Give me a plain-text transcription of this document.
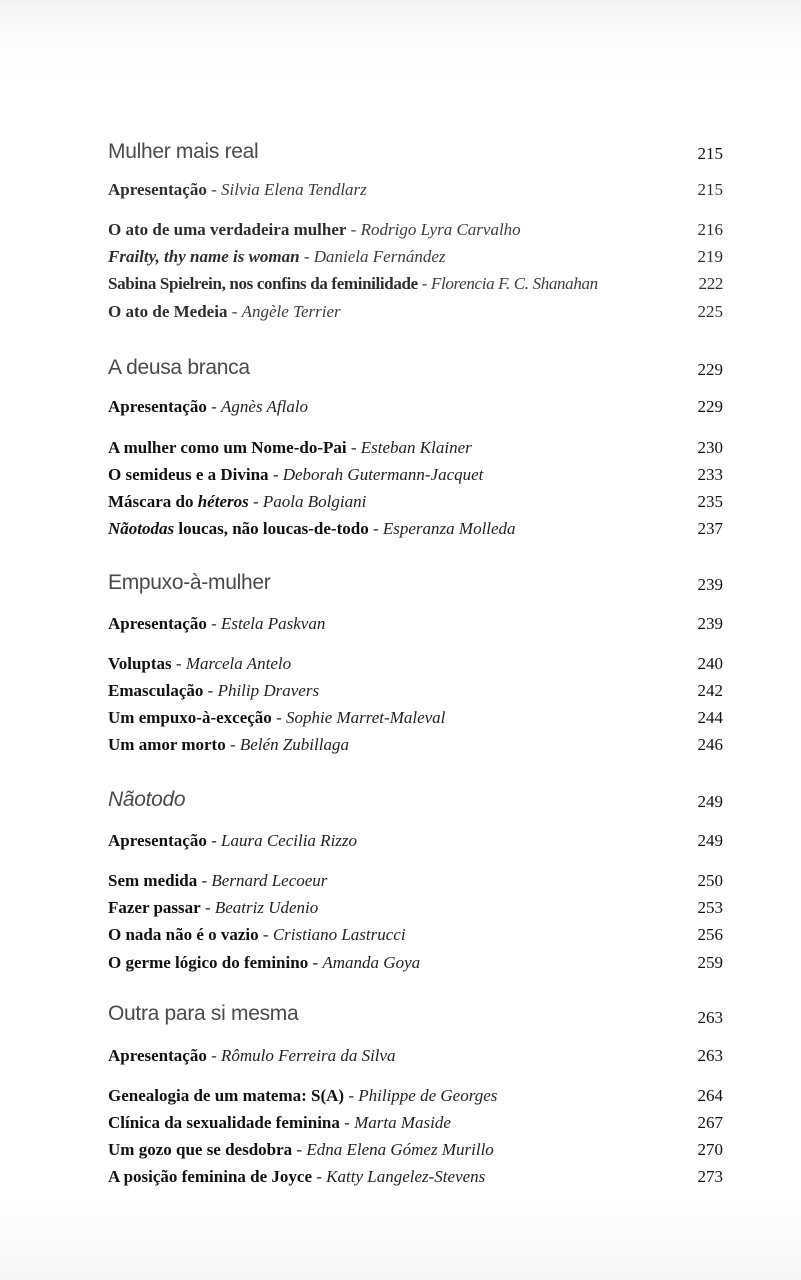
Mulher mais real	215
Apresentação - Silvia Elena Tendlarz	215
O ato de uma verdadeira mulher - Rodrigo Lyra Carvalho	216
Frailty, thy name is woman - Daniela Fernández	219
Sabina Spielrein, nos confins da feminilidade - Florencia F. C. Shanahan	222
O ato de Medeia - Angèle Terrier	225
A deusa branca	229
Apresentação - Agnès Aflalo	229
A mulher como um Nome-do-Pai - Esteban Klainer	230
O semideus e a Divina - Deborah Gutermann-Jacquet	233
Máscara do héteros - Paola Bolgiani	235
Nãotodas loucas, não loucas-de-todo - Esperanza Molleda	237
Empuxo-à-mulher	239
Apresentação - Estela Paskvan	239
Voluptas - Marcela Antelo	240
Emasculação - Philip Dravers	242
Um empuxo-à-exceção - Sophie Marret-Maleval	244
Um amor morto - Belén Zubillaga	246
Nãotodo	249
Apresentação - Laura Cecilia Rizzo	249
Sem medida - Bernard Lecoeur	250
Fazer passar - Beatriz Udenio	253
O nada não é o vazio - Cristiano Lastrucci	256
O germe lógico do feminino - Amanda Goya	259
Outra para si mesma	263
Apresentação - Rômulo Ferreira da Silva	263
Genealogia de um matema: S(A) - Philippe de Georges	264
Clínica da sexualidade feminina - Marta Maside	267
Um gozo que se desdobra - Edna Elena Gómez Murillo	270
A posição feminina de Joyce - Katty Langelez-Stevens	273
